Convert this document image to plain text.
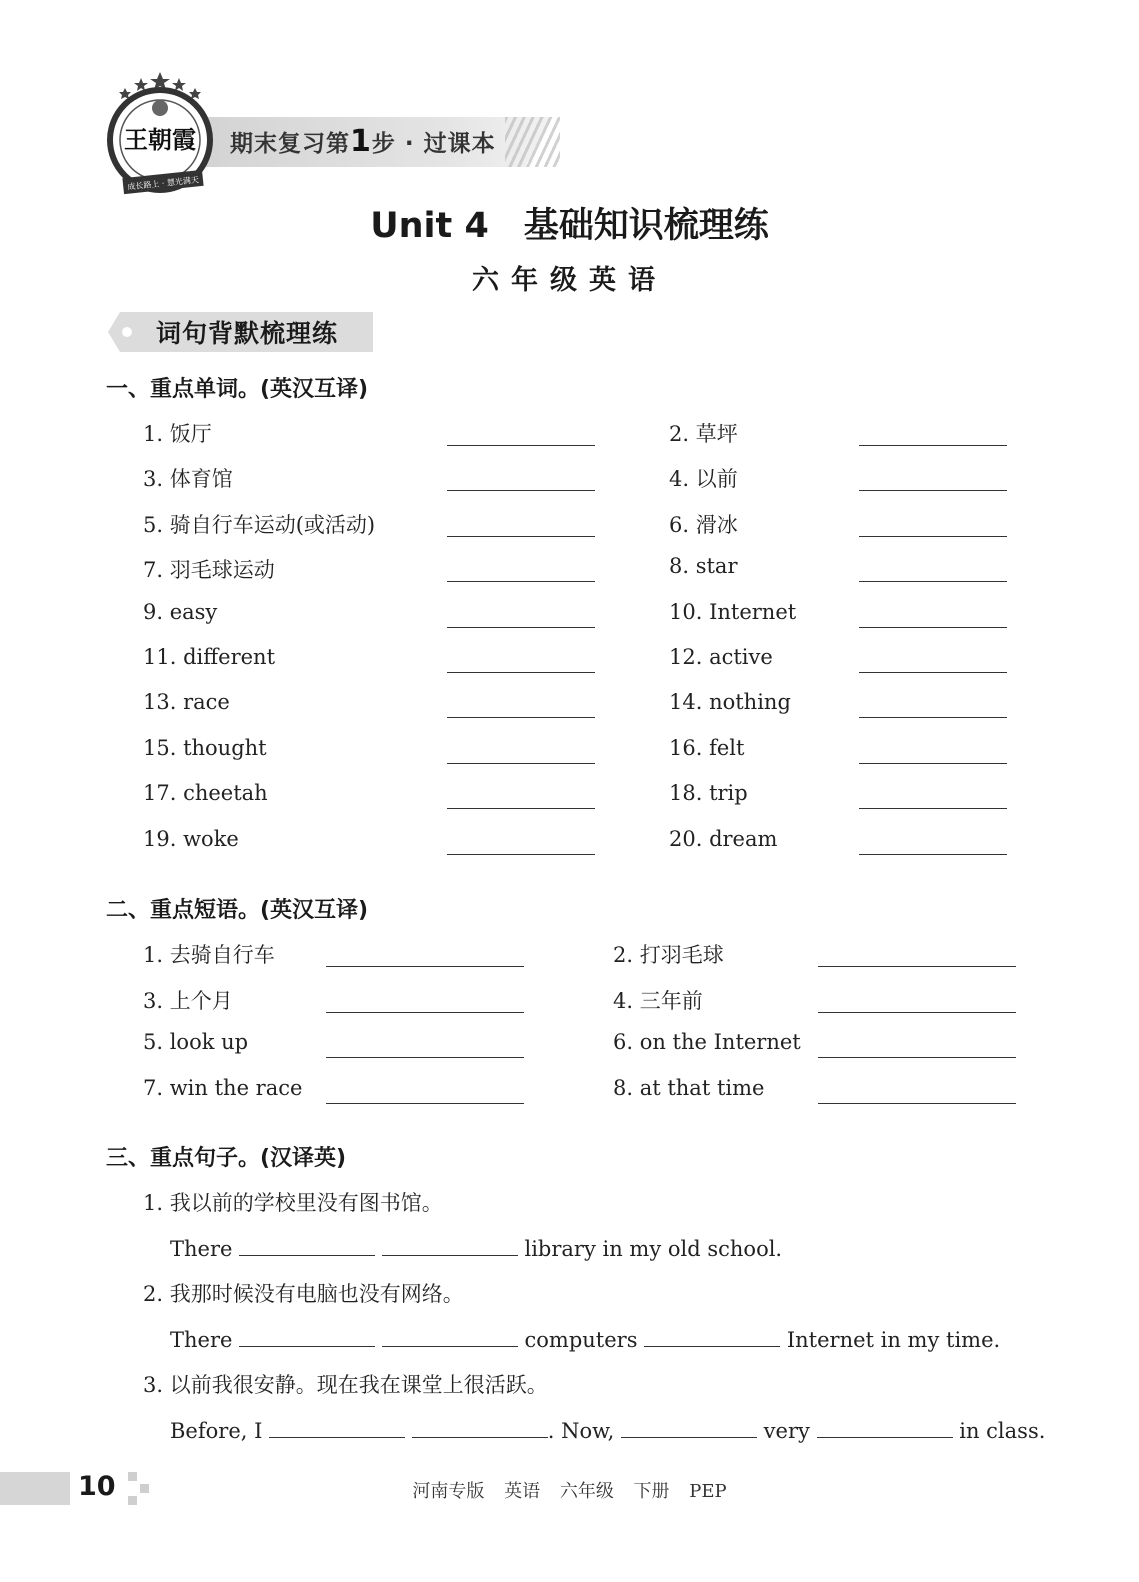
期末复习第1步 · 过课本
王朝霞
成长路上 · 慧光满天
Unit 4　基础知识梳理练
六年级英语
词句背默梳理练
一、重点单词。(英汉互译)
1. 饭厅	2. 草坪
3. 体育馆	4. 以前
5. 骑自行车运动(或活动)	6. 滑冰
7. 羽毛球运动	8. star
9. easy	10. Internet
11. different	12. active
13. race	14. nothing
15. thought	16. felt
17. cheetah	18. trip
19. woke	20. dream
二、重点短语。(英汉互译)
1. 去骑自行车	2. 打羽毛球
3. 上个月	4. 三年前
5. look up	6. on the Internet
7. win the race	8. at that time
三、重点句子。(汉译英)
1. 我以前的学校里没有图书馆。
There	library in my old school.
2. 我那时候没有电脑也没有网络。
There	computers	Internet in my time.
3. 以前我很安静。现在我在课堂上很活跃。
Before, I	. Now,	very	in class.
10	河南专版 英语 六年级 下册 PEP
